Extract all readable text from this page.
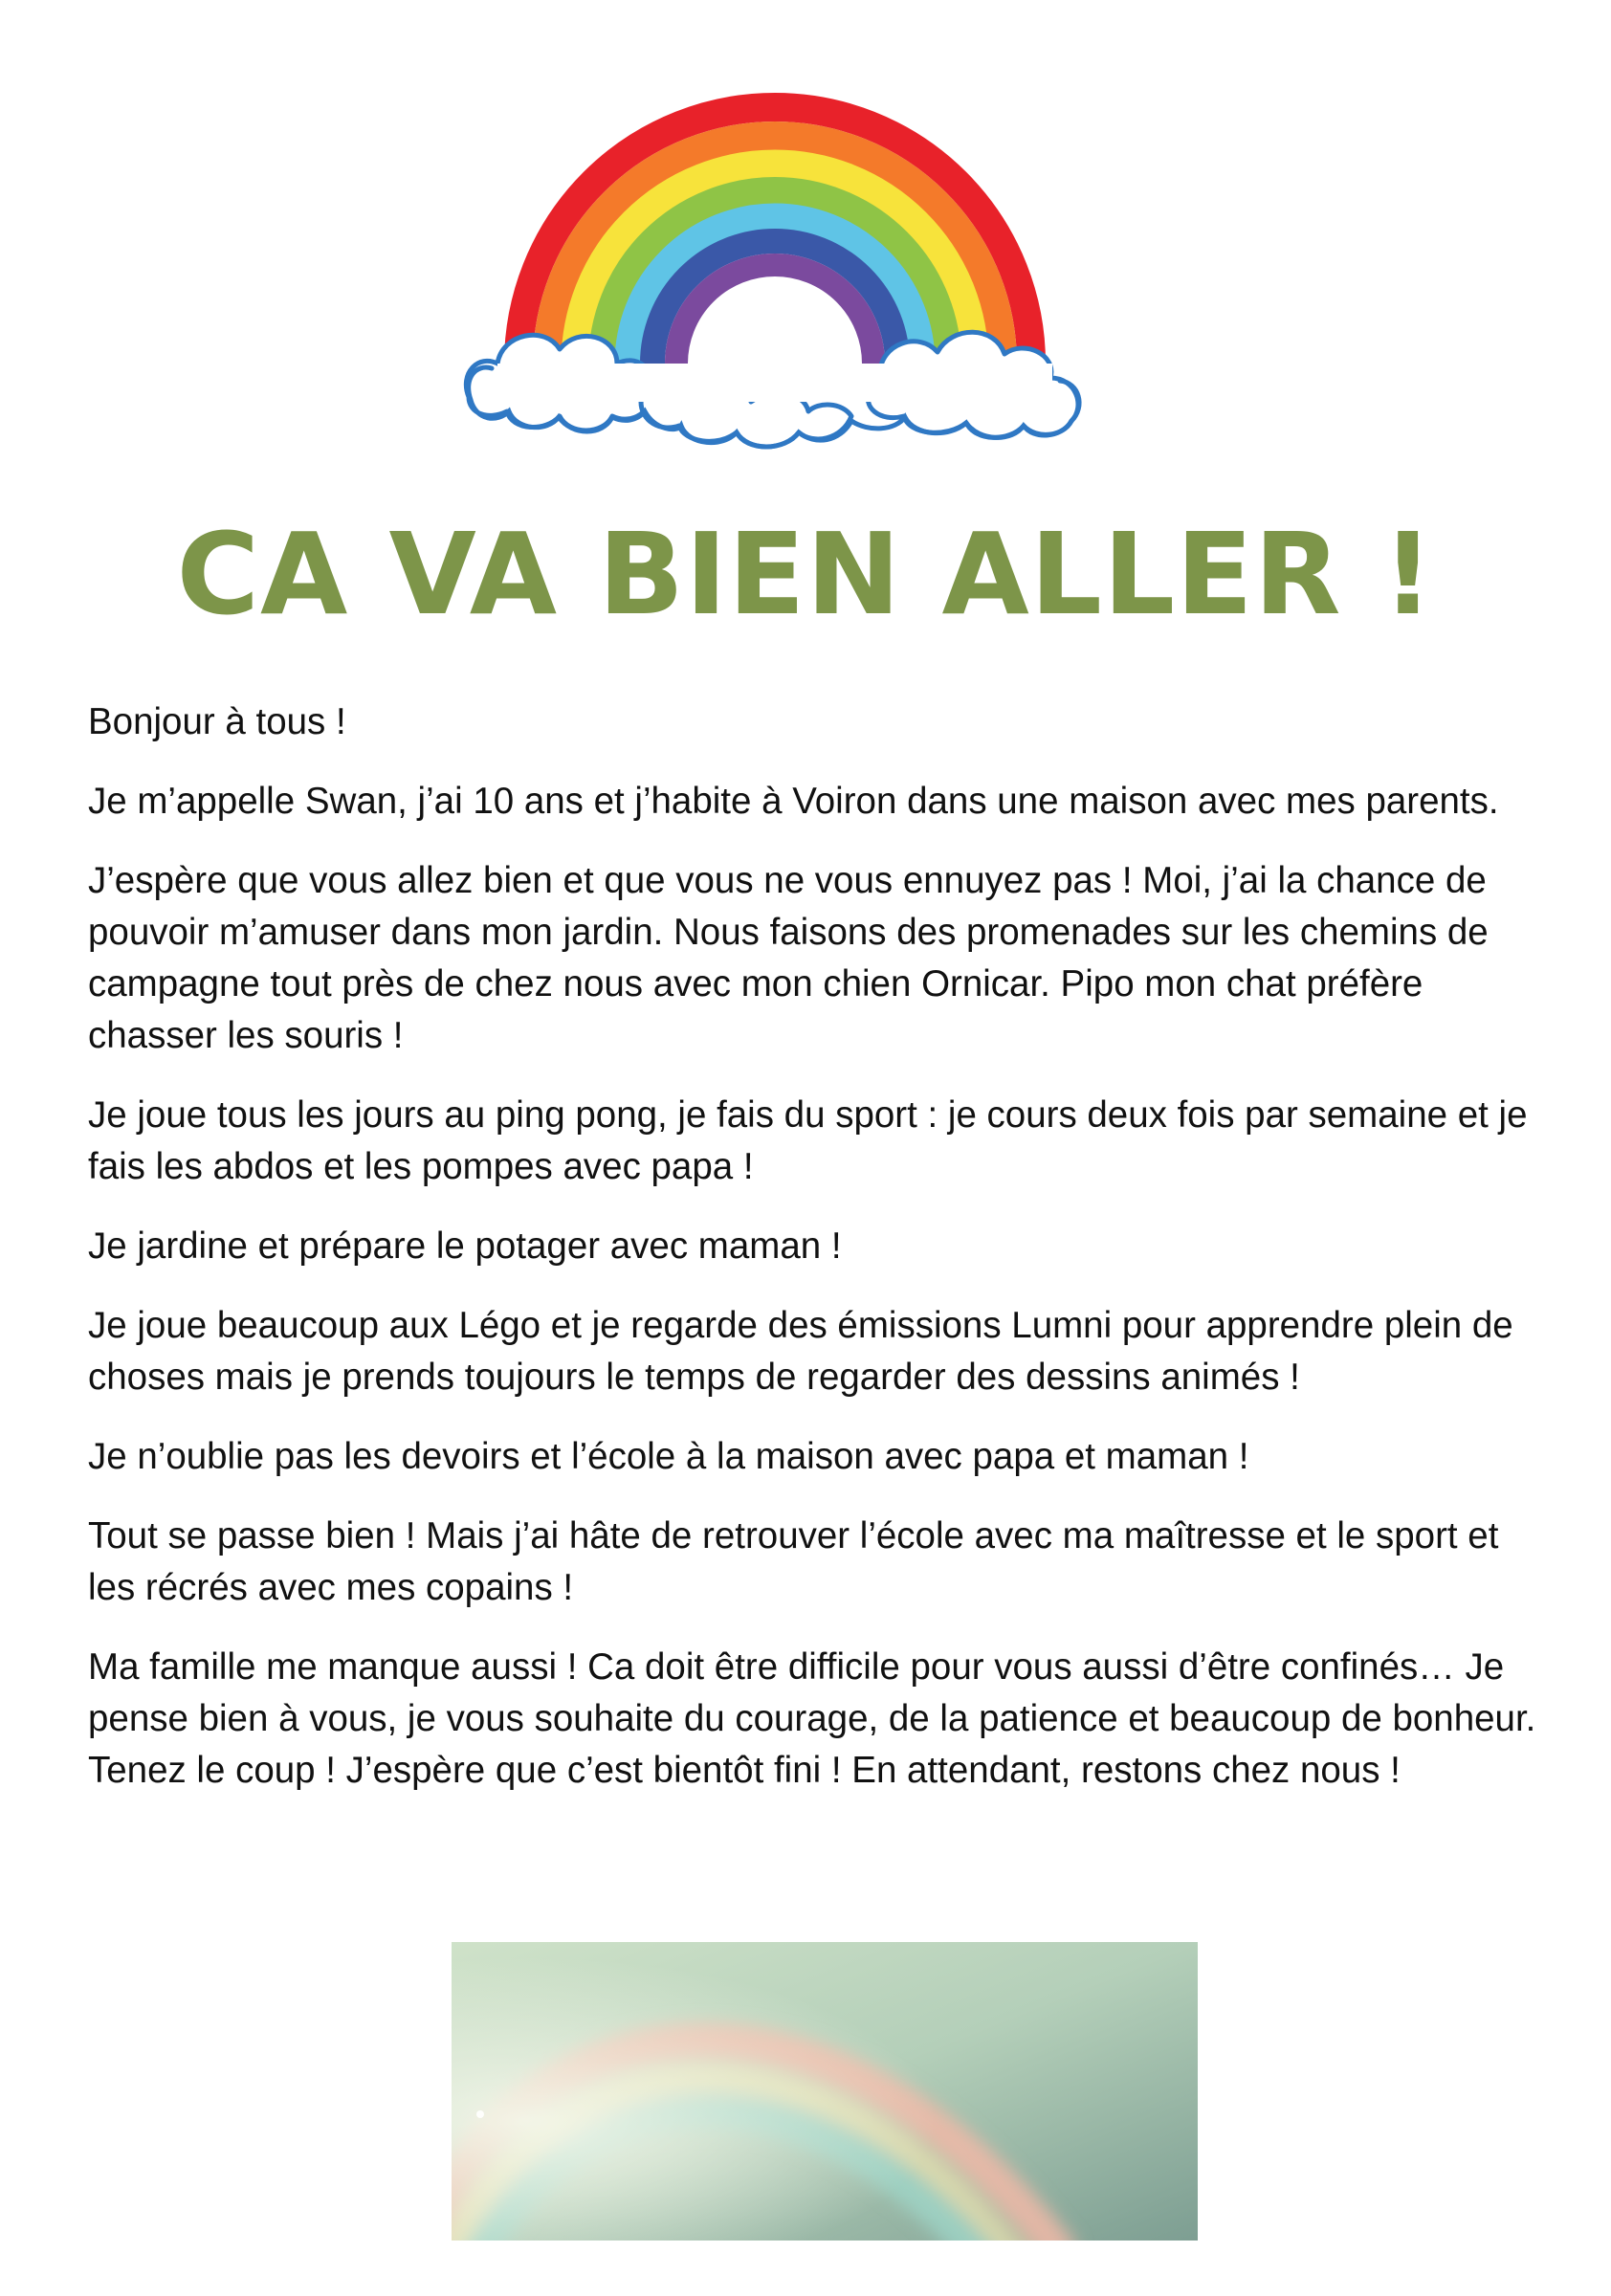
CA VA BIEN ALLER !

Bonjour à tous !

Je m’appelle Swan, j’ai 10 ans et j’habite à Voiron dans une maison avec mes parents.

J’espère que vous allez bien et que vous ne vous ennuyez pas ! Moi, j’ai la chance de pouvoir m’amuser dans mon jardin. Nous faisons des promenades sur les chemins de campagne tout près de chez nous avec mon chien Ornicar. Pipo mon chat préfère chasser les souris !

Je joue tous les jours au ping pong, je fais du sport : je cours deux fois par semaine et je fais les abdos et les pompes avec papa !

Je jardine et prépare le potager avec maman !

Je joue beaucoup aux Légo et je regarde des émissions Lumni pour apprendre plein de choses mais je prends toujours le temps de regarder des dessins animés !

Je n’oublie pas les devoirs et l’école à la maison avec papa et maman !

Tout se passe bien ! Mais j’ai hâte de retrouver l’école avec ma maîtresse et le sport et les récrés avec mes copains !

Ma famille me manque aussi ! Ca doit être difficile pour vous aussi d’être confinés… Je pense bien à vous, je vous souhaite du courage, de la patience et beaucoup de bonheur. Tenez le coup ! J’espère que c’est bientôt fini ! En attendant, restons chez nous !
